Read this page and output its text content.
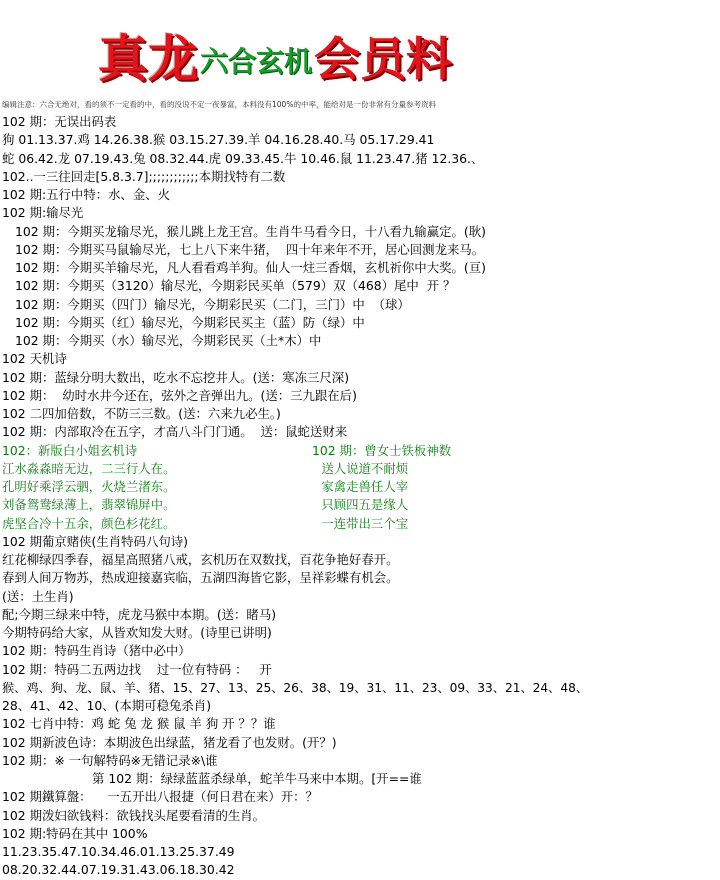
真龙 六合玄机 会员料
编辑注意：六合无绝对，看的须不一定看的中，看的没说不定一夜暴富，本料没有100%的中率，能给对是一份非常有分量参考资料
102 期：无误出码表
狗 01.13.37.鸡 14.26.38.猴 03.15.27.39.羊 04.16.28.40.马 05.17.29.41
蛇 06.42.龙 07.19.43.兔 08.32.44.虎 09.33.45.牛 10.46.鼠 11.23.47.猪 12.36.、
102..一三往回走[5.8.3.7];;;;;;;;;;;;本期找特有二数
102 期:五行中特：水、金、火
102 期:输尽光
102 期：今期买龙输尽光，猴儿跳上龙王宫。生肖牛马看今日，十八看九输赢定。(耿)
102 期：今期买马鼠输尽光，七上八下来牛猪，  四十年来年不开，居心回测龙来马。
102 期：今期买羊输尽光，凡人看看鸡羊狗。仙人一炷三香烟，玄机祈你中大奖。(亘)
102 期：今期买（3120）输尽光，今期彩民买单（579）双（468）尾中  开 ？
102 期：今期买（四门）输尽光，今期彩民买（二门，三门）中  （球）
102 期：今期买（红）输尽光，今期彩民买主（蓝）防（绿）中
102 期：今期买（水）输尽光，今期彩民买（土*木）中
102 天机诗
102 期：蓝绿分明大数出，吃水不忘挖井人。(送：寒冻三尺深)
102 期：  幼时水井今还在，弦外之音弹出九。(送：三九跟在后)
102 二四加倍数，不防三三数。(送：六来九必生。)
102 期：内部取冷在五字，才高八斗门门通。  送：鼠蛇送财来
102：新版白小姐玄机诗	102 期：曾女士铁板神数
江水淼淼暗无边，二三行人在。	送人说道不耐烦
孔明好乘浮云驷，火烧兰渚东。	家禽走兽任人宰
刘备鸳鸯绿薄上，翡翠锦屏中。	只顾四五是缘人
虎坚合冷十五余，颜色杉花红。	一连带出三个宝
102 期葡京赌侠(生肖特码八句诗)
红花柳绿四季春，福星高照猪八戒，玄机历在双数找，百花争艳好春开。
春到人间万物苏，热成迎接嘉宾临，五湖四海皆它影，呈祥彩蝶有机会。
(送：土生肖)
配;今期三绿来中特，虎龙马猴中本期。(送：睹马)
今期特码给大家，从皆欢知发大财。(诗里已讲明)
102 期：特码生肖诗（猪中必中）
102 期：特码二五两边找    过一位有特码 ：   开
猴、鸡、狗、龙、鼠、羊、猪、15、27、13、25、26、38、19、31、11、23、09、33、21、24、48、
28、41、42、10、(本期可稳兔杀肖)
102 七肖中特：鸡 蛇 兔 龙 猴 鼠 羊 狗 开 ？？谁
102 期新波色诗：本期波色出绿蓝，猪龙看了也发财。(开？)
102 期：※ 一句解特码※无错记录※\谁
第 102 期：绿绿蓝蓝杀绿单，蛇羊牛马来中本期。[开==谁
102 期鐵算盤：    一五开出八报捷（何日君在来）开：？
102 期泼妇欲钱料：欲钱找头尾要看清的生肖。
102 期:特码在其中 100%
11.23.35.47.10.34.46.01.13.25.37.49
08.20.32.44.07.19.31.43.06.18.30.42
